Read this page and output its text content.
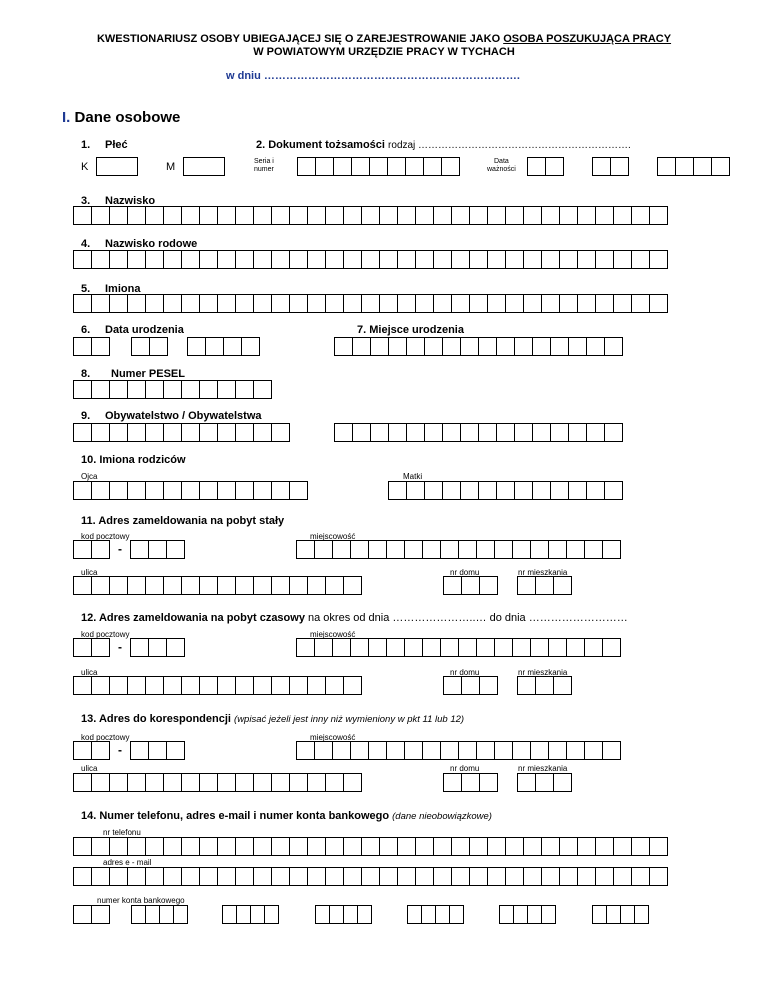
KWESTIONARIUSZ OSOBY UBIEGAJĄCEJ SIĘ O ZAREJESTROWANIE JAKO OSOBA POSZUKUJĄCA PRACY
W POWIATOWYM URZĘDZIE PRACY W TYCHACH
w dniu …………………………………………………………….
I. Dane osobowe
1. Płeć	2. Dokument tożsamości rodzaj ……………………………………………………….
K	M	Seria i
numer
Data
ważności
3. Nazwisko
4. Nazwisko rodowe
5. Imiona
6. Data urodzenia	7. Miejsce urodzenia
8. Numer PESEL
9. Obywatelstwo / Obywatelstwa
10. Imiona rodziców
Ojca	Matki
11. Adres zameldowania na pobyt stały
kod pocztowy	miejscowość
-
ulica	nr domu	nr mieszkania
12. Adres zameldowania na pobyt czasowy na okres od dnia …………………..… do dnia ………………………
kod pocztowy	miejscowość
-
ulica	nr domu	nr mieszkania
13. Adres do korespondencji (wpisać jeżeli jest inny niż wymieniony w pkt 11 lub 12)
kod pocztowy	miejscowość
-
ulica	nr domu	nr mieszkania
14. Numer telefonu, adres e-mail i numer konta bankowego (dane nieobowiązkowe)
nr telefonu
adres e - mail
numer konta bankowego
